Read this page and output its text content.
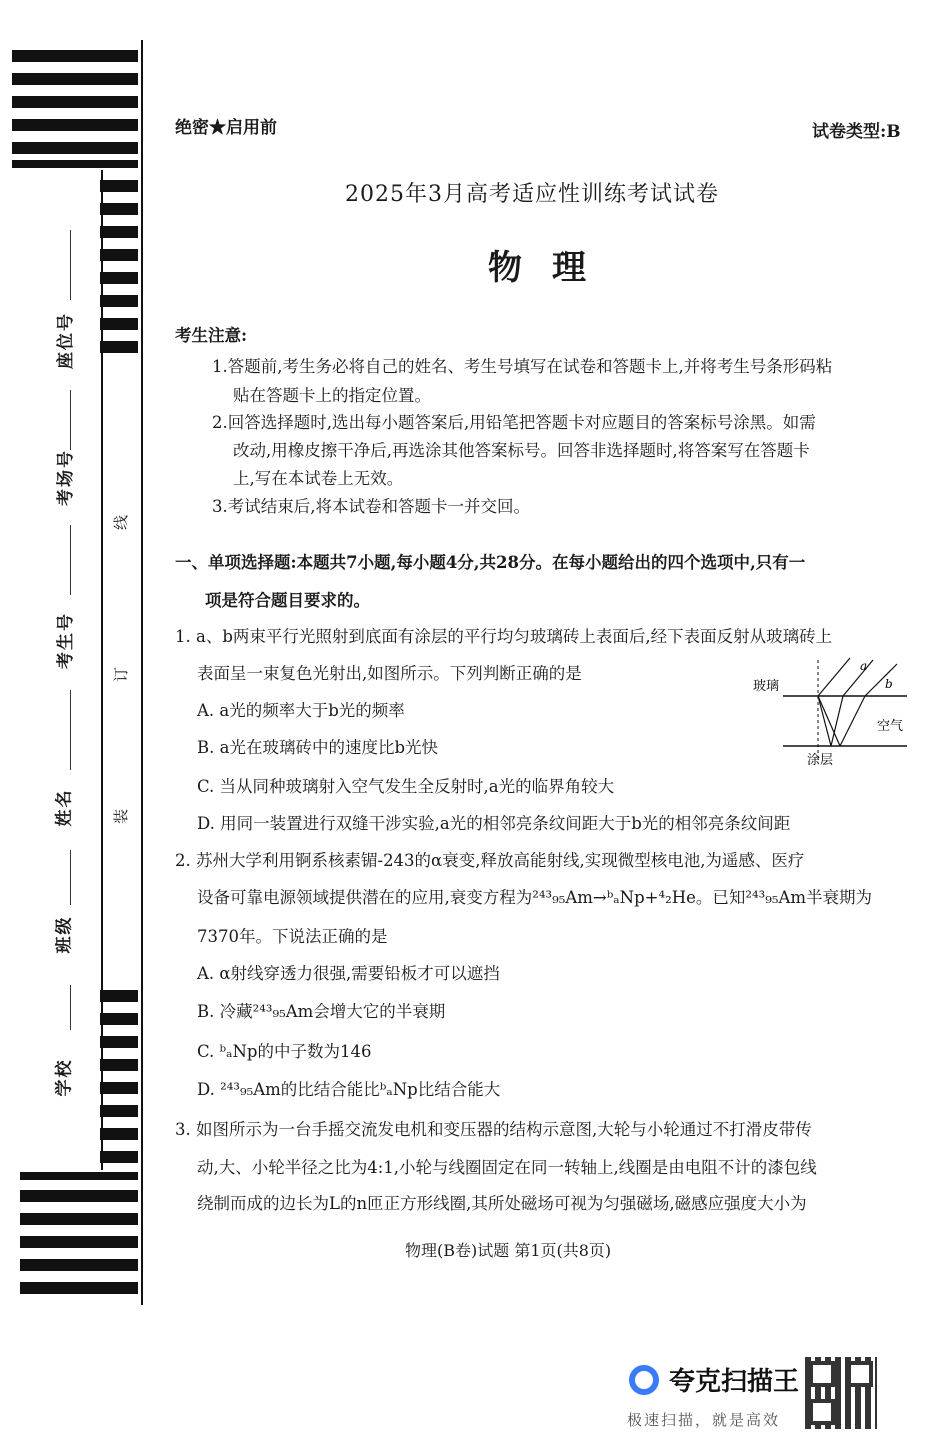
座位号
考场号
考生号
姓名
班级
学校
线
订
装
绝密★启用前	试卷类型:B
2025年3月高考适应性训练考试试卷
物理
考生注意:
1.答题前,考生务必将自己的姓名、考生号填写在试卷和答题卡上,并将考生号条形码粘
贴在答题卡上的指定位置。
2.回答选择题时,选出每小题答案后,用铅笔把答题卡对应题目的答案标号涂黑。如需
改动,用橡皮擦干净后,再选涂其他答案标号。回答非选择题时,将答案写在答题卡
上,写在本试卷上无效。
3.考试结束后,将本试卷和答题卡一并交回。
一、单项选择题:本题共7小题,每小题4分,共28分。在每小题给出的四个选项中,只有一
项是符合题目要求的。
1. a、b两束平行光照射到底面有涂层的平行均匀玻璃砖上表面后,经下表面反射从玻璃砖上
表面呈一束复色光射出,如图所示。下列判断正确的是
A. a光的频率大于b光的频率
B. a光在玻璃砖中的速度比b光快
C. 当从同种玻璃射入空气发生全反射时,a光的临界角较大
D. 用同一装置进行双缝干涉实验,a光的相邻亮条纹间距大于b光的相邻亮条纹间距
玻璃
空气
涂层
a
b
2. 苏州大学利用锕系核素镅-243的α衰变,释放高能射线,实现微型核电池,为遥感、医疗
设备可靠电源领域提供潜在的应用,衰变方程为²⁴³₉₅Am→ᵇₐNp+⁴₂He。已知²⁴³₉₅Am半衰期为
7370年。下说法正确的是
A. α射线穿透力很强,需要铅板才可以遮挡
B. 冷藏²⁴³₉₅Am会增大它的半衰期
C. ᵇₐNp的中子数为146
D. ²⁴³₉₅Am的比结合能比ᵇₐNp比结合能大
3. 如图所示为一台手摇交流发电机和变压器的结构示意图,大轮与小轮通过不打滑皮带传
动,大、小轮半径之比为4:1,小轮与线圈固定在同一转轴上,线圈是由电阻不计的漆包线
绕制而成的边长为L的n匝正方形线圈,其所处磁场可视为匀强磁场,磁感应强度大小为
物理(B卷)试题 第1页(共8页)
夸克扫描王
极速扫描，就是高效
